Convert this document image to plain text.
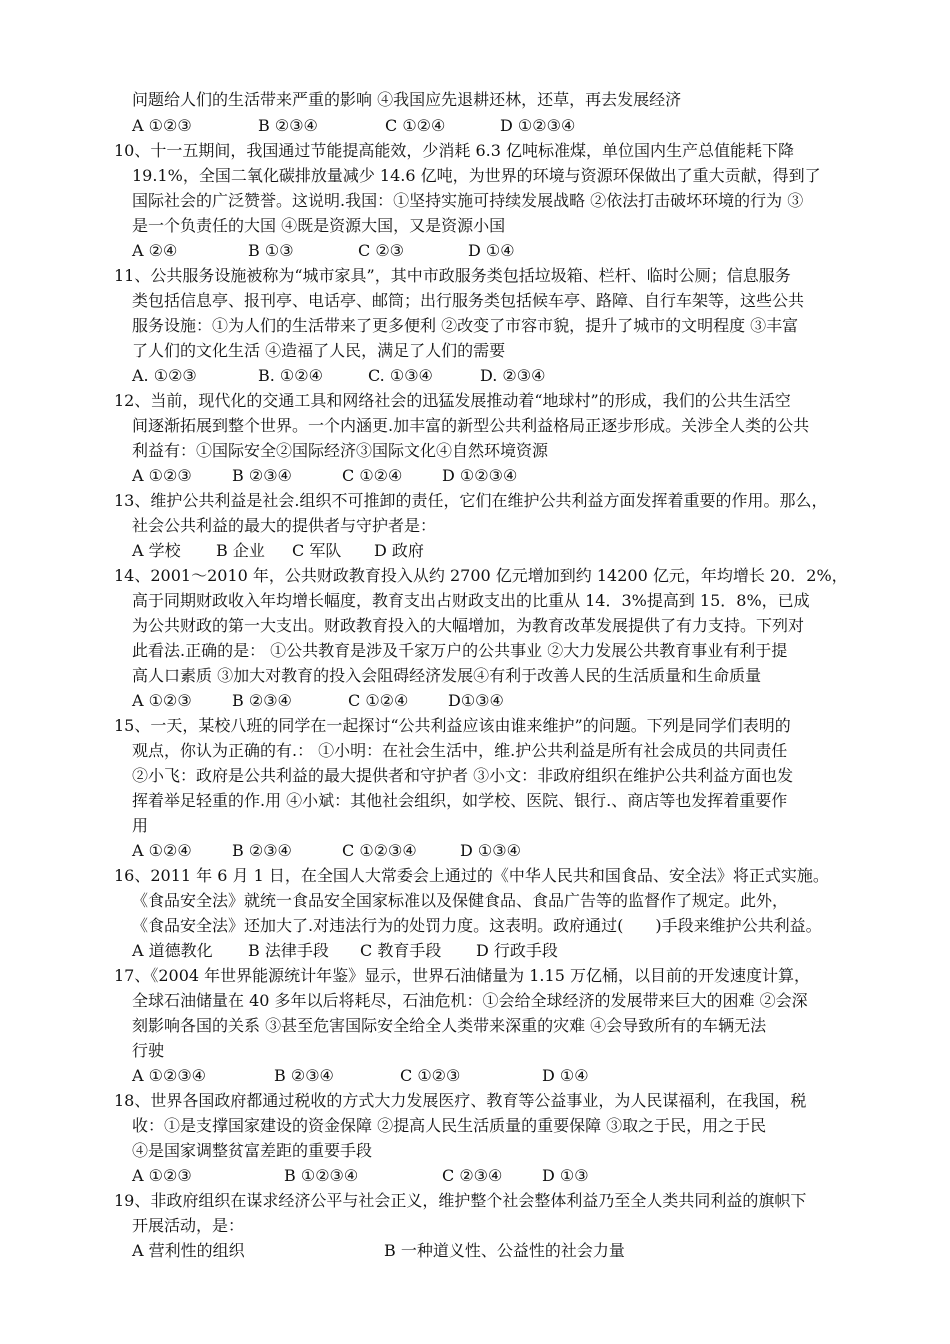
问题给人们的生活带来严重的影响 ④我国应先退耕还林，还草，再去发展经济
A ①②③	B ②③④	C ①②④	D ①②③④
10、十一五期间，我国通过节能提高能效，少消耗 6.3 亿吨标准煤，单位国内生产总值能耗下降
19.1%，全国二氧化碳排放量减少 14.6 亿吨，为世界的环境与资源环保做出了重大贡献，得到了
国际社会的广泛赞誉。这说明.我国：①坚持实施可持续发展战略 ②依法打击破坏环境的行为 ③
是一个负责任的大国 ④既是资源大国，又是资源小国
A ②④	B ①③	C ②③	D ①④
11、公共服务设施被称为“城市家具”，其中市政服务类包括垃圾箱、栏杆、临时公厕；信息服务
类包括信息亭、报刊亭、电话亭、邮筒；出行服务类包括候车亭、路障、自行车架等，这些公共
服务设施：①为人们的生活带来了更多便利 ②改变了市容市貌，提升了城市的文明程度 ③丰富
了人们的文化生活 ④造福了人民，满足了人们的需要
A. ①②③	B. ①②④	C. ①③④	D. ②③④
12、当前，现代化的交通工具和网络社会的迅猛发展推动着“地球村”的形成，我们的公共生活空
间逐渐拓展到整个世界。一个内涵更.加丰富的新型公共利益格局正逐步形成。关涉全人类的公共
利益有：①国际安全②国际经济③国际文化④自然环境资源
A ①②③	B ②③④	C ①②④ D ①②③④
13、维护公共利益是社会.组织不可推卸的责任，它们在维护公共利益方面发挥着重要的作用。那么，
社会公共利益的最大的提供者与守护者是：
A 学校 B 企业 C 军队 D 政府
14、2001～2010 年，公共财政教育投入从约 2700 亿元增加到约 14200 亿元，年均增长 20．2%，
高于同期财政收入年均增长幅度，教育支出占财政支出的比重从 14．3%提高到 15．8%，已成
为公共财政的第一大支出。财政教育投入的大幅增加，为教育改革发展提供了有力支持。下列对
此看法.正确的是： ①公共教育是涉及千家万户的公共事业 ②大力发展公共教育事业有利于提
高人口素质 ③加大对教育的投入会阻碍经济发展④有利于改善人民的生活质量和生命质量
A ①②③	B ②③④	C ①②④ D①③④
15、一天，某校八班的同学在一起探讨“公共利益应该由谁来维护”的问题。下列是同学们表明的
观点，你认为正确的有.： ①小明：在社会生活中，维.护公共利益是所有社会成员的共同责任
②小飞：政府是公共利益的最大提供者和守护者 ③小文：非政府组织在维护公共利益方面也发
挥着举足轻重的作.用 ④小斌：其他社会组织，如学校、医院、银行.、商店等也发挥着重要作
用
A ①②④	B ②③④	C ①②③④	D ①③④
16、2011 年 6 月 1 日，在全国人大常委会上通过的《中华人民共和国食品、安全法》将正式实施。
《食品安全法》就统一食品安全国家标准以及保健食品、食品广告等的监督作了规定。此外，
《食品安全法》还加大了.对违法行为的处罚力度。这表明。政府通过(　　)手段来维护公共利益。
A 道德教化 B 法律手段 C 教育手段 D 行政手段
17、《2004 年世界能源统计年鉴》显示，世界石油储量为 1.15 万亿桶，以目前的开发速度计算，
全球石油储量在 40 多年以后将耗尽，石油危机：①会给全球经济的发展带来巨大的困难 ②会深
刻影响各国的关系 ③甚至危害国际安全给全人类带来深重的灾难 ④会导致所有的车辆无法
行驶
A ①②③④	B ②③④	C ①②③	D ①④
18、世界各国政府都通过税收的方式大力发展医疗、教育等公益事业，为人民谋福利，在我国，税
收：①是支撑国家建设的资金保障 ②提高人民生活质量的重要保障 ③取之于民，用之于民
④是国家调整贫富差距的重要手段
A ①②③	B ①②③④	C ②③④ D ①③
19、非政府组织在谋求经济公平与社会正义，维护整个社会整体利益乃至全人类共同利益的旗帜下
开展活动，是：
A 营利性的组织	B 一种道义性、公益性的社会力量
